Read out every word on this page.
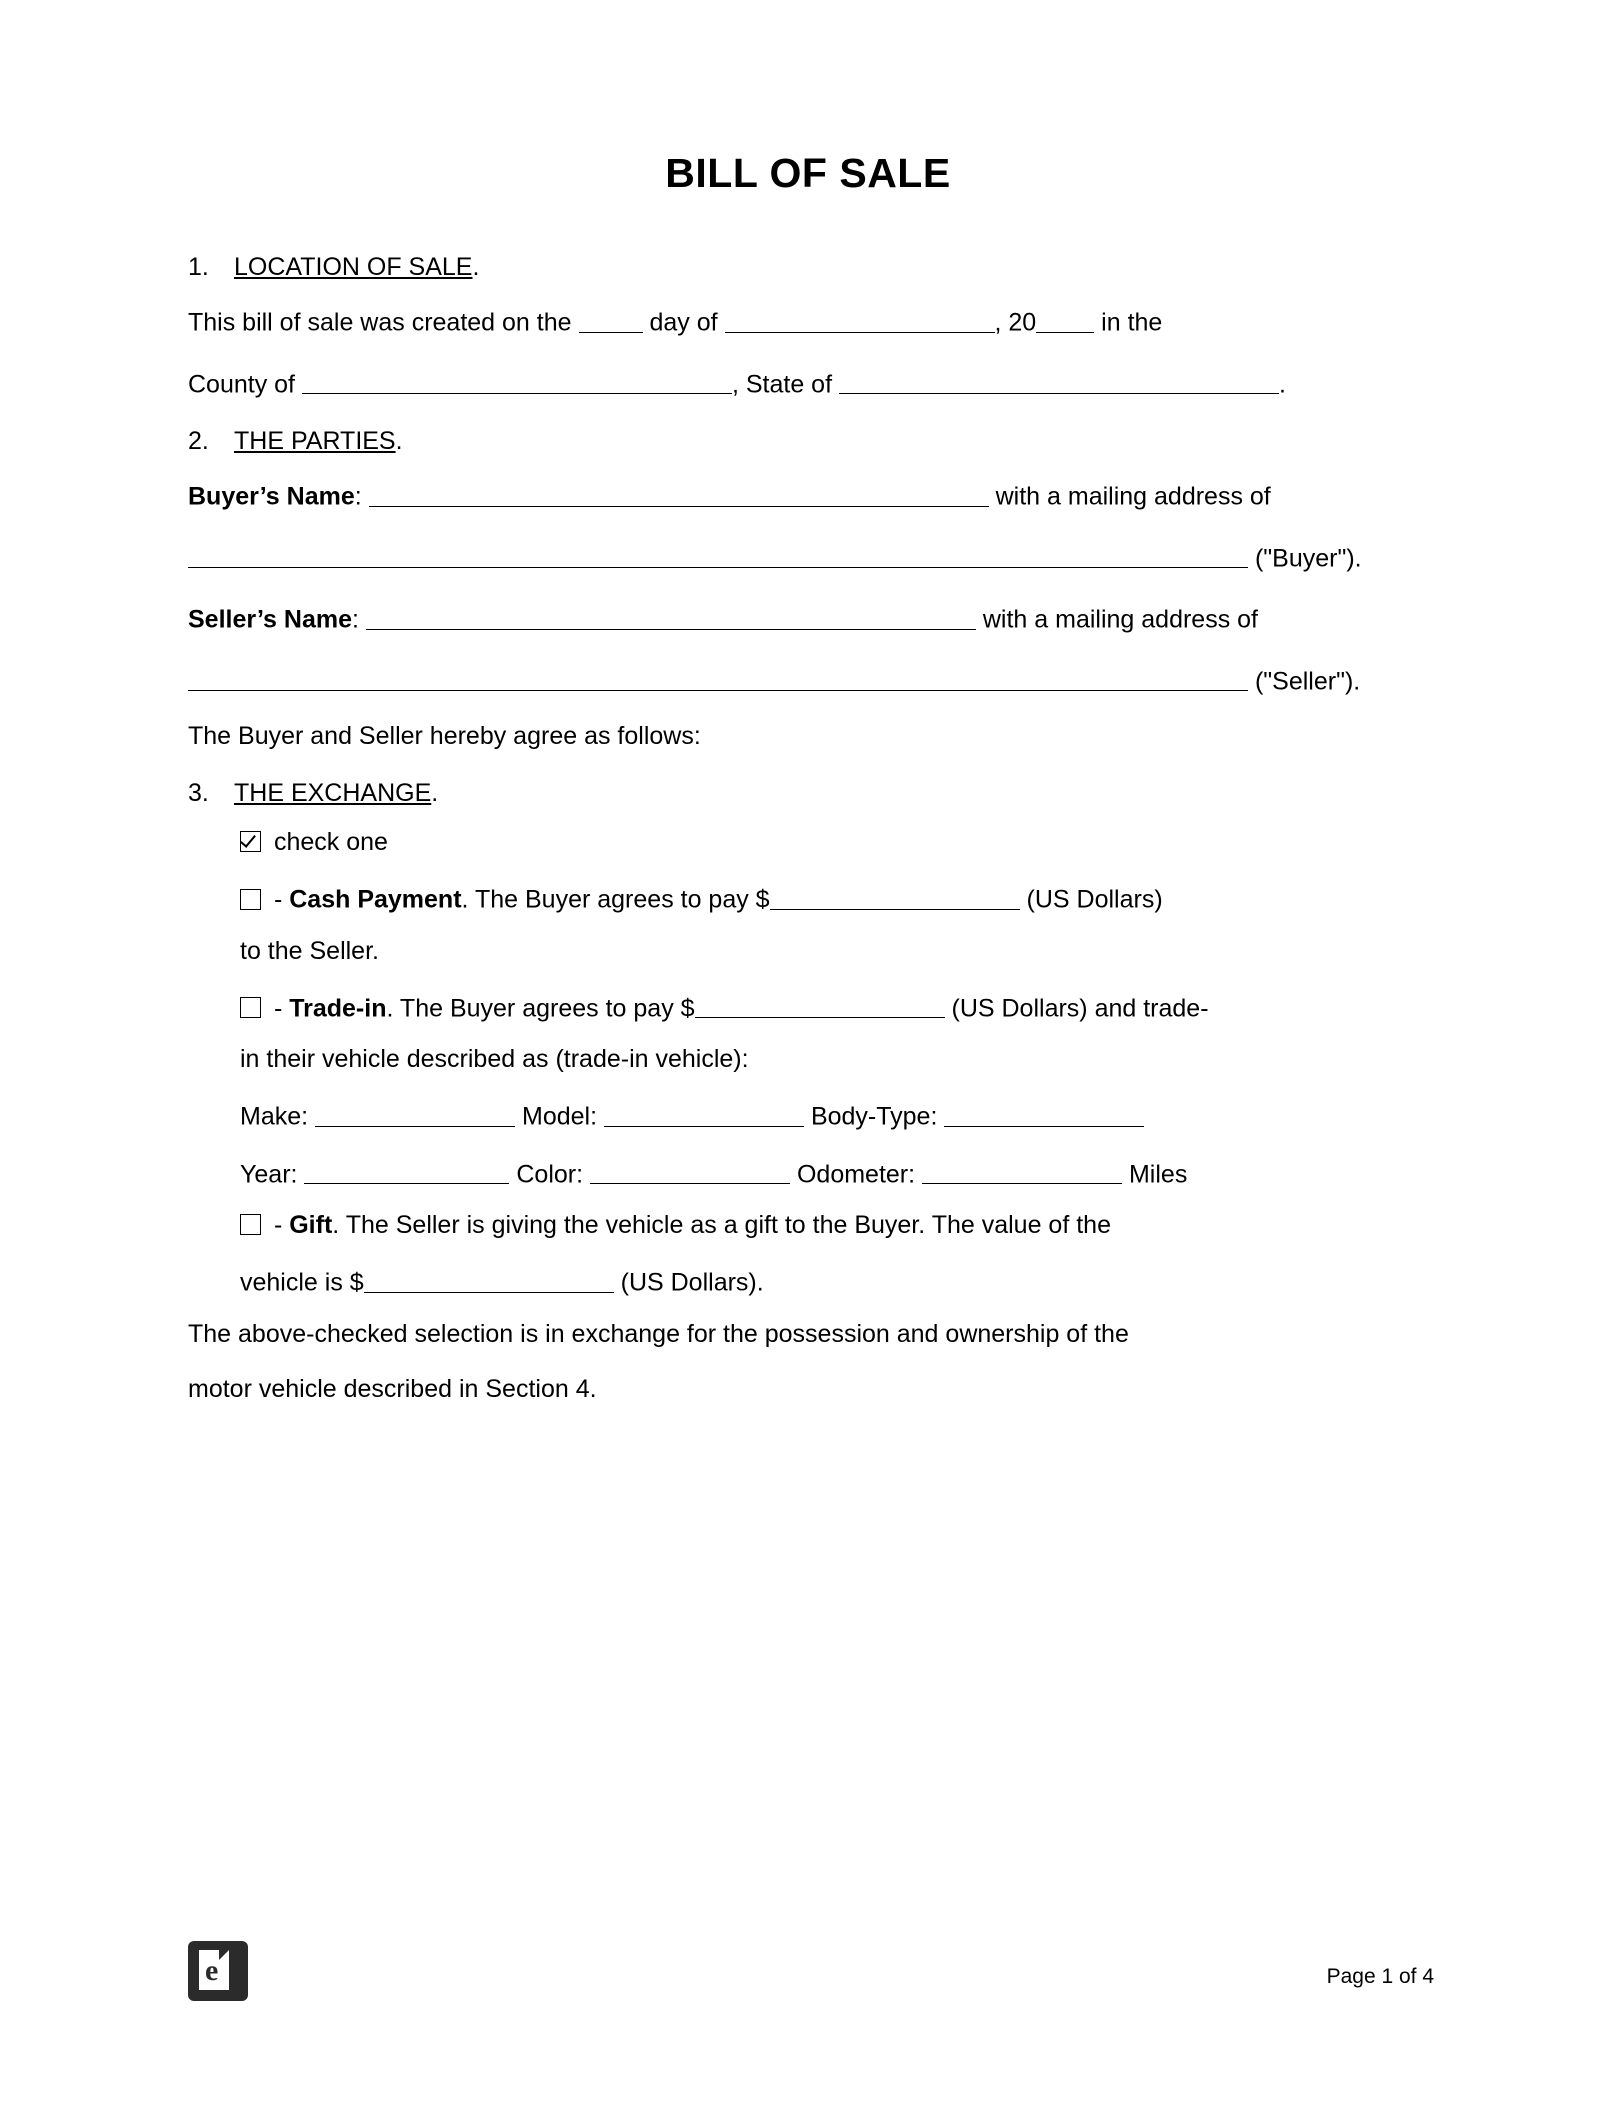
BILL OF SALE
1.	LOCATION OF SALE.
This bill of sale was created on the	day of	, 20	in the
County of	, State of	.
2.	THE PARTIES.
Buyer’s Name:	with a mailing address of
("Buyer").
Seller’s Name:	with a mailing address of
("Seller").
The Buyer and Seller hereby agree as follows:
3.	THE EXCHANGE.
check one
- Cash Payment. The Buyer agrees to pay $	(US Dollars)
to the Seller.
- Trade-in. The Buyer agrees to pay $	(US Dollars) and trade-
in their vehicle described as (trade-in vehicle):
Make:	Model:	Body-Type:
Year:	Color:	Odometer:	Miles
- Gift. The Seller is giving the vehicle as a gift to the Buyer. The value of the
vehicle is $	(US Dollars).
The above-checked selection is in exchange for the possession and ownership of the
motor vehicle described in Section 4.
e	Page 1 of 4
